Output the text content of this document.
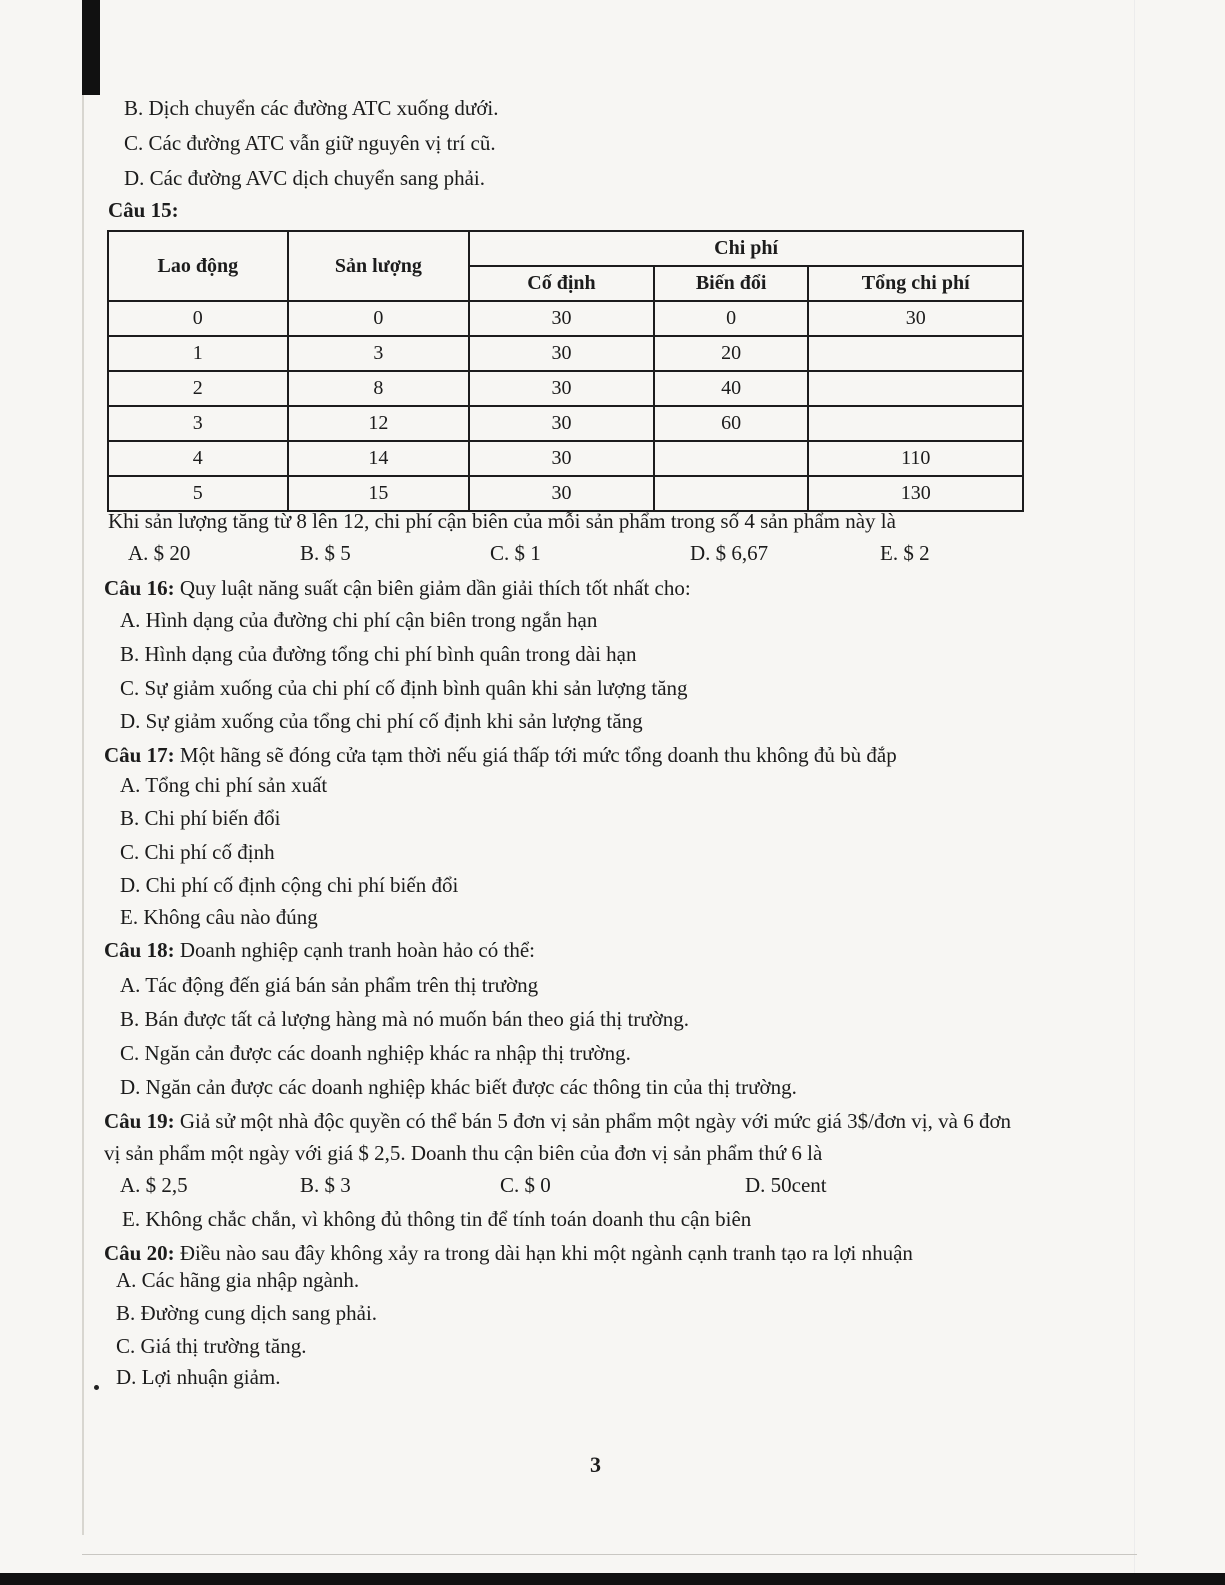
B. Dịch chuyển các đường ATC xuống dưới.
C. Các đường ATC vẫn giữ nguyên vị trí cũ.
D. Các đường AVC dịch chuyển sang phải.
Câu 15:
Lao động	Sản lượng	Chi phí		
		Cố định	Biến đổi	Tổng chi phí
0	0	30	0	30
1	3	30	20	
2	8	30	40	
3	12	30	60	
4	14	30		110
5	15	30		130
Khi sản lượng tăng từ 8 lên 12, chi phí cận biên của mỗi sản phẩm trong số 4 sản phẩm này là
A. $ 20	B. $ 5	C. $ 1	D. $ 6,67	E. $ 2
Câu 16: Quy luật năng suất cận biên giảm dần giải thích tốt nhất cho:
A. Hình dạng của đường chi phí cận biên trong ngắn hạn
B. Hình dạng của đường tổng chi phí bình quân trong dài hạn
C. Sự giảm xuống của chi phí cố định bình quân khi sản lượng tăng
D. Sự giảm xuống của tổng chi phí cố định khi sản lượng tăng
Câu 17: Một hãng sẽ đóng cửa tạm thời nếu giá thấp tới mức tổng doanh thu không đủ bù đắp
A. Tổng chi phí sản xuất
B. Chi phí biến đổi
C. Chi phí cố định
D. Chi phí cố định cộng chi phí biến đổi
E. Không câu nào đúng
Câu 18: Doanh nghiệp cạnh tranh hoàn hảo có thể:
A. Tác động đến giá bán sản phẩm trên thị trường
B. Bán được tất cả lượng hàng mà nó muốn bán theo giá thị trường.
C. Ngăn cản được các doanh nghiệp khác ra nhập thị trường.
D. Ngăn cản được các doanh nghiệp khác biết được các thông tin của thị trường.
Câu 19: Giả sử một nhà độc quyền có thể bán 5 đơn vị sản phẩm một ngày với mức giá 3$/đơn vị, và 6 đơn
vị sản phẩm một ngày với giá $ 2,5. Doanh thu cận biên của đơn vị sản phẩm thứ 6 là
A. $ 2,5	B. $ 3	C. $ 0	D. 50cent
E. Không chắc chắn, vì không đủ thông tin để tính toán doanh thu cận biên
Câu 20: Điều nào sau đây không xảy ra trong dài hạn khi một ngành cạnh tranh tạo ra lợi nhuận
A. Các hãng gia nhập ngành.
B. Đường cung dịch sang phải.
C. Giá thị trường tăng.
D. Lợi nhuận giảm.
3
